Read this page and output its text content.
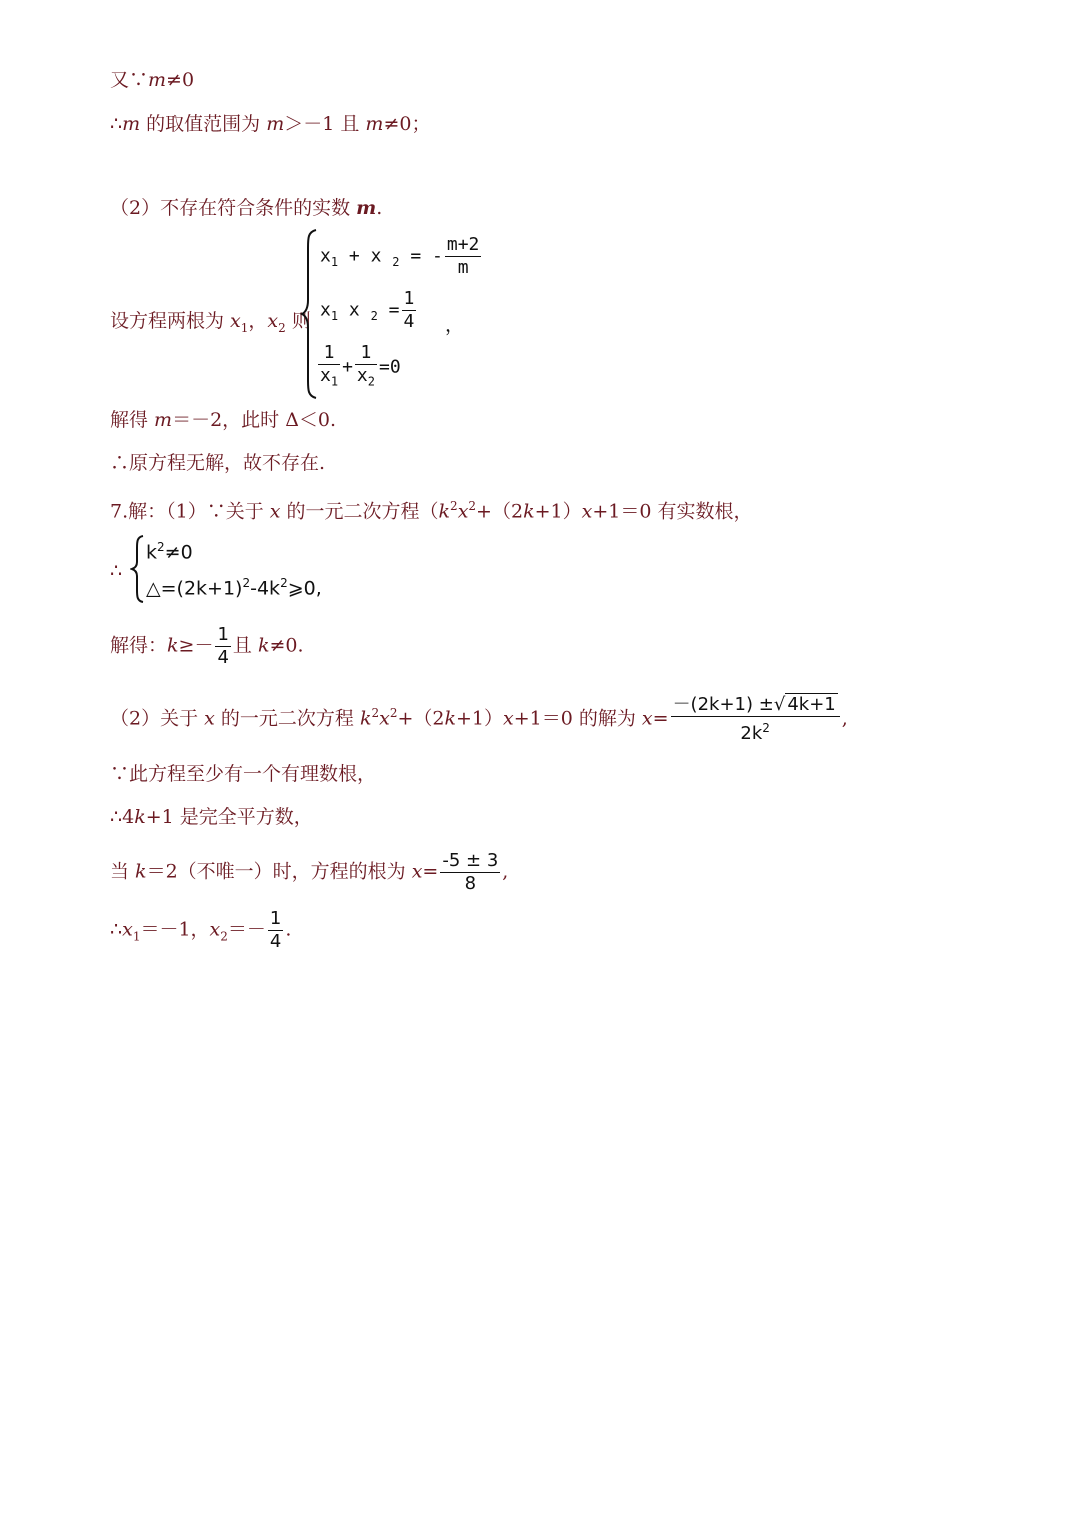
又∵m≠0
∴m 的取值范围为 m＞－1 且 m≠0；
（2）不存在符合条件的实数 m.
设方程两根为 $x_1$，$x_2$ 则
$x_1 + x$ $_2$ = - $\frac{m+2}{m}$
$x_1$ x $_2 = \frac{1}{4}$ ，
$\frac{1}{x_1} + \frac{1}{x_2} =0$
解得 m＝－2，此时 Δ＜0.
∴原方程无解，故不存在.
7.解：（1）∵关于 x 的一元二次方程（$k^2x^2+(2k+1)x+1=0$ 有实数根，
∴
$k^2\ne 0$
$\triangle=(2k+1)^2-4k^2⩾0$,
解得：$k\ge- \frac{1}{4}$ 且 k≠0.
（2）关于 x 的一元二次方程 $k^2x^2+(2k+1)x+1=0$ 的解为 $x= \frac{-(2k+1) \pm√ 4k+1}{2k^2}$ ,
∵此方程至少有一个有理数根，
∴4k+1 是完全平方数，
当 k＝2（不唯一）时，方程的根为 $x= \frac{-5 \pm 3}{8}$ ,
$\therefore x_1=-1$，$x_2=- \frac{1}{4}$ .
